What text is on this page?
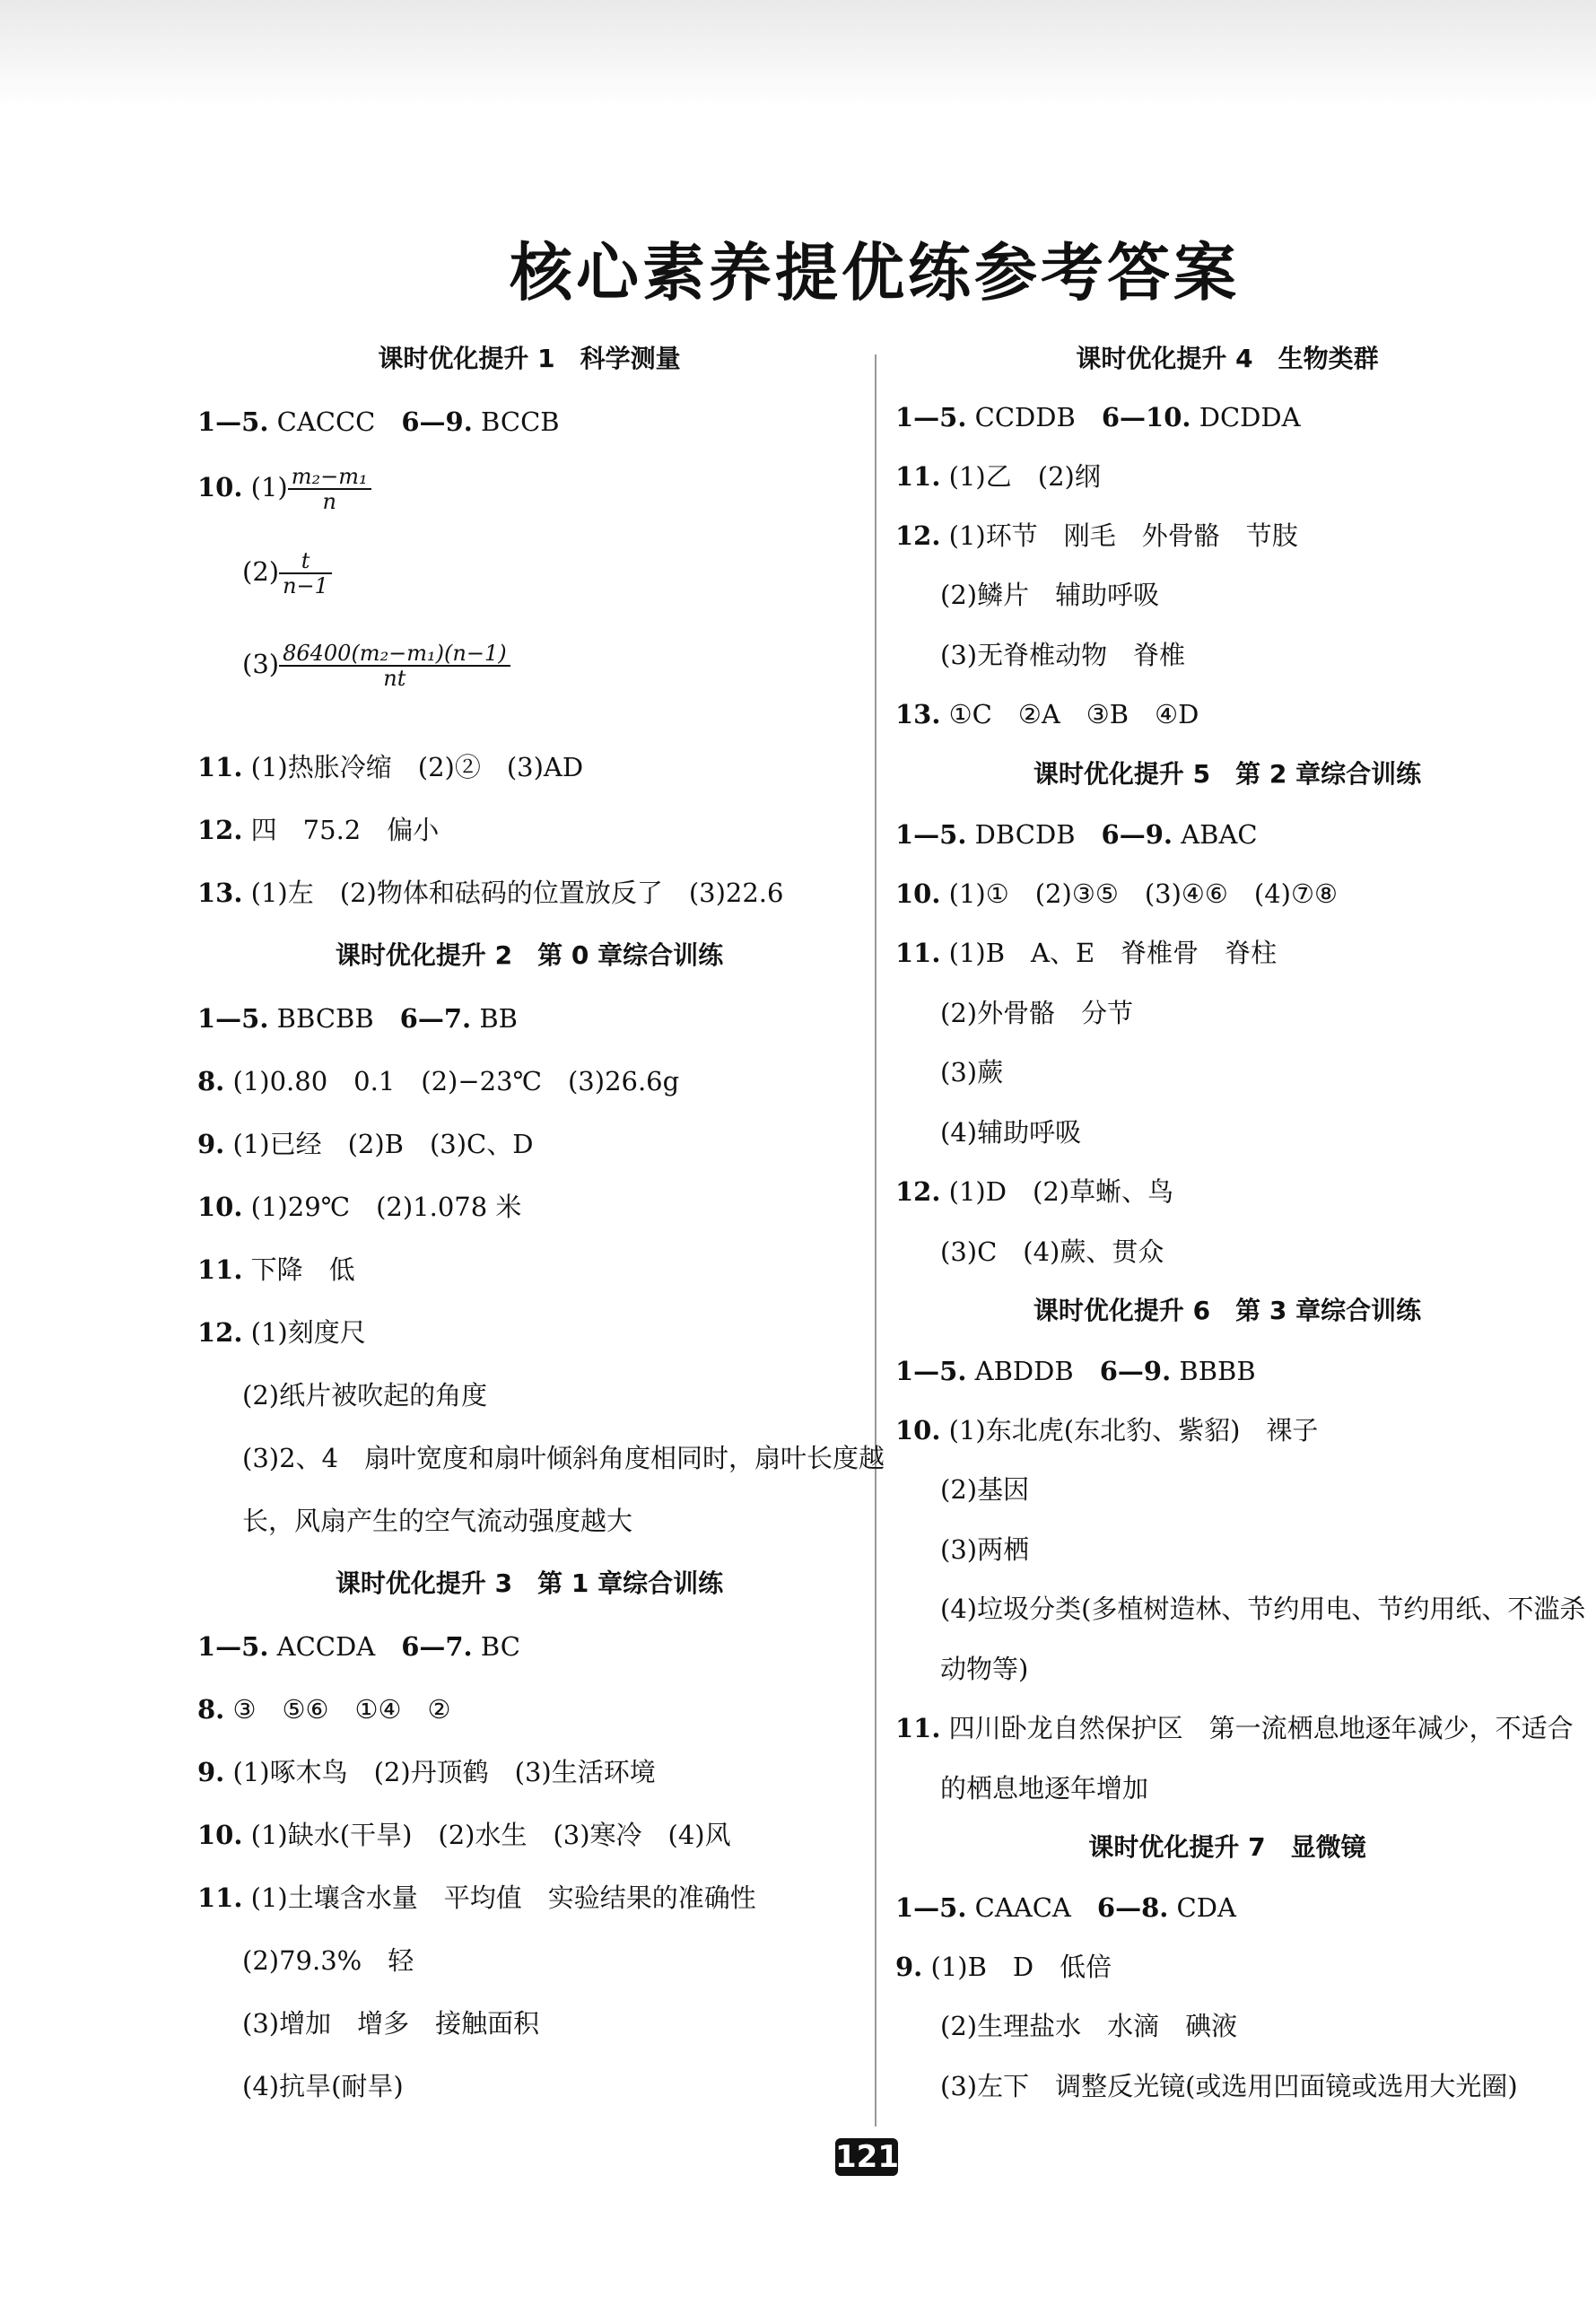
核心素养提优练参考答案
课时优化提升 1　科学测量
1—5. CACCC　6—9. BCCB
10. $(1) \frac{\text{m₂−m₁}}{n}$
$(2) \frac{t}{n-1}$
$(3) \frac{\text{86400(m₂−m₁)(n−1)}}{nt}$
11. (1)热胀冷缩　(2)②　(3)AD
12. 四　75.2　偏小
13. (1)左　(2)物体和砝码的位置放反了　(3)22.6
课时优化提升 2　第 0 章综合训练
1—5. BBCBB　6—7. BB
8. (1)0.80　0.1　(2)−23℃　(3)26.6g
9. (1)已经　(2)B　(3)C、D
10. (1)29℃　(2)1.078 米
11. 下降　低
12. (1)刻度尺
(2)纸片被吹起的角度
(3)2、4　扇叶宽度和扇叶倾斜角度相同时，扇叶长度越
长，风扇产生的空气流动强度越大
课时优化提升 3　第 1 章综合训练
1—5. ACCDA　6—7. BC
8. ③　⑤⑥　①④　②
9. (1)啄木鸟　(2)丹顶鹤　(3)生活环境
10. (1)缺水(干旱)　(2)水生　(3)寒冷　(4)风
11. (1)土壤含水量　平均值　实验结果的准确性
(2)79.3%　轻
(3)增加　增多　接触面积
(4)抗旱(耐旱)
课时优化提升 4　生物类群
1—5. CCDDB　6—10. DCDDA
11. (1)乙　(2)纲
12. (1)环节　刚毛　外骨骼　节肢
(2)鳞片　辅助呼吸
(3)无脊椎动物　脊椎
13. ①C　②A　③B　④D
课时优化提升 5　第 2 章综合训练
1—5. DBCDB　6—9. ABAC
10. (1)①　(2)③⑤　(3)④⑥　(4)⑦⑧
11. (1)B　A、E　脊椎骨　脊柱
(2)外骨骼　分节
(3)蕨
(4)辅助呼吸
12. (1)D　(2)草蜥、鸟
(3)C　(4)蕨、贯众
课时优化提升 6　第 3 章综合训练
1—5. ABDDB　6—9. BBBB
10. (1)东北虎(东北豹、紫貂)　裸子
(2)基因
(3)两栖
(4)垃圾分类(多植树造林、节约用电、节约用纸、不滥杀
动物等)
11. 四川卧龙自然保护区　第一流栖息地逐年减少，不适合
的栖息地逐年增加
课时优化提升 7　显微镜
1—5. CAACA　6—8. CDA
9. (1)B　D　低倍
(2)生理盐水　水滴　碘液
(3)左下　调整反光镜(或选用凹面镜或选用大光圈)
121
